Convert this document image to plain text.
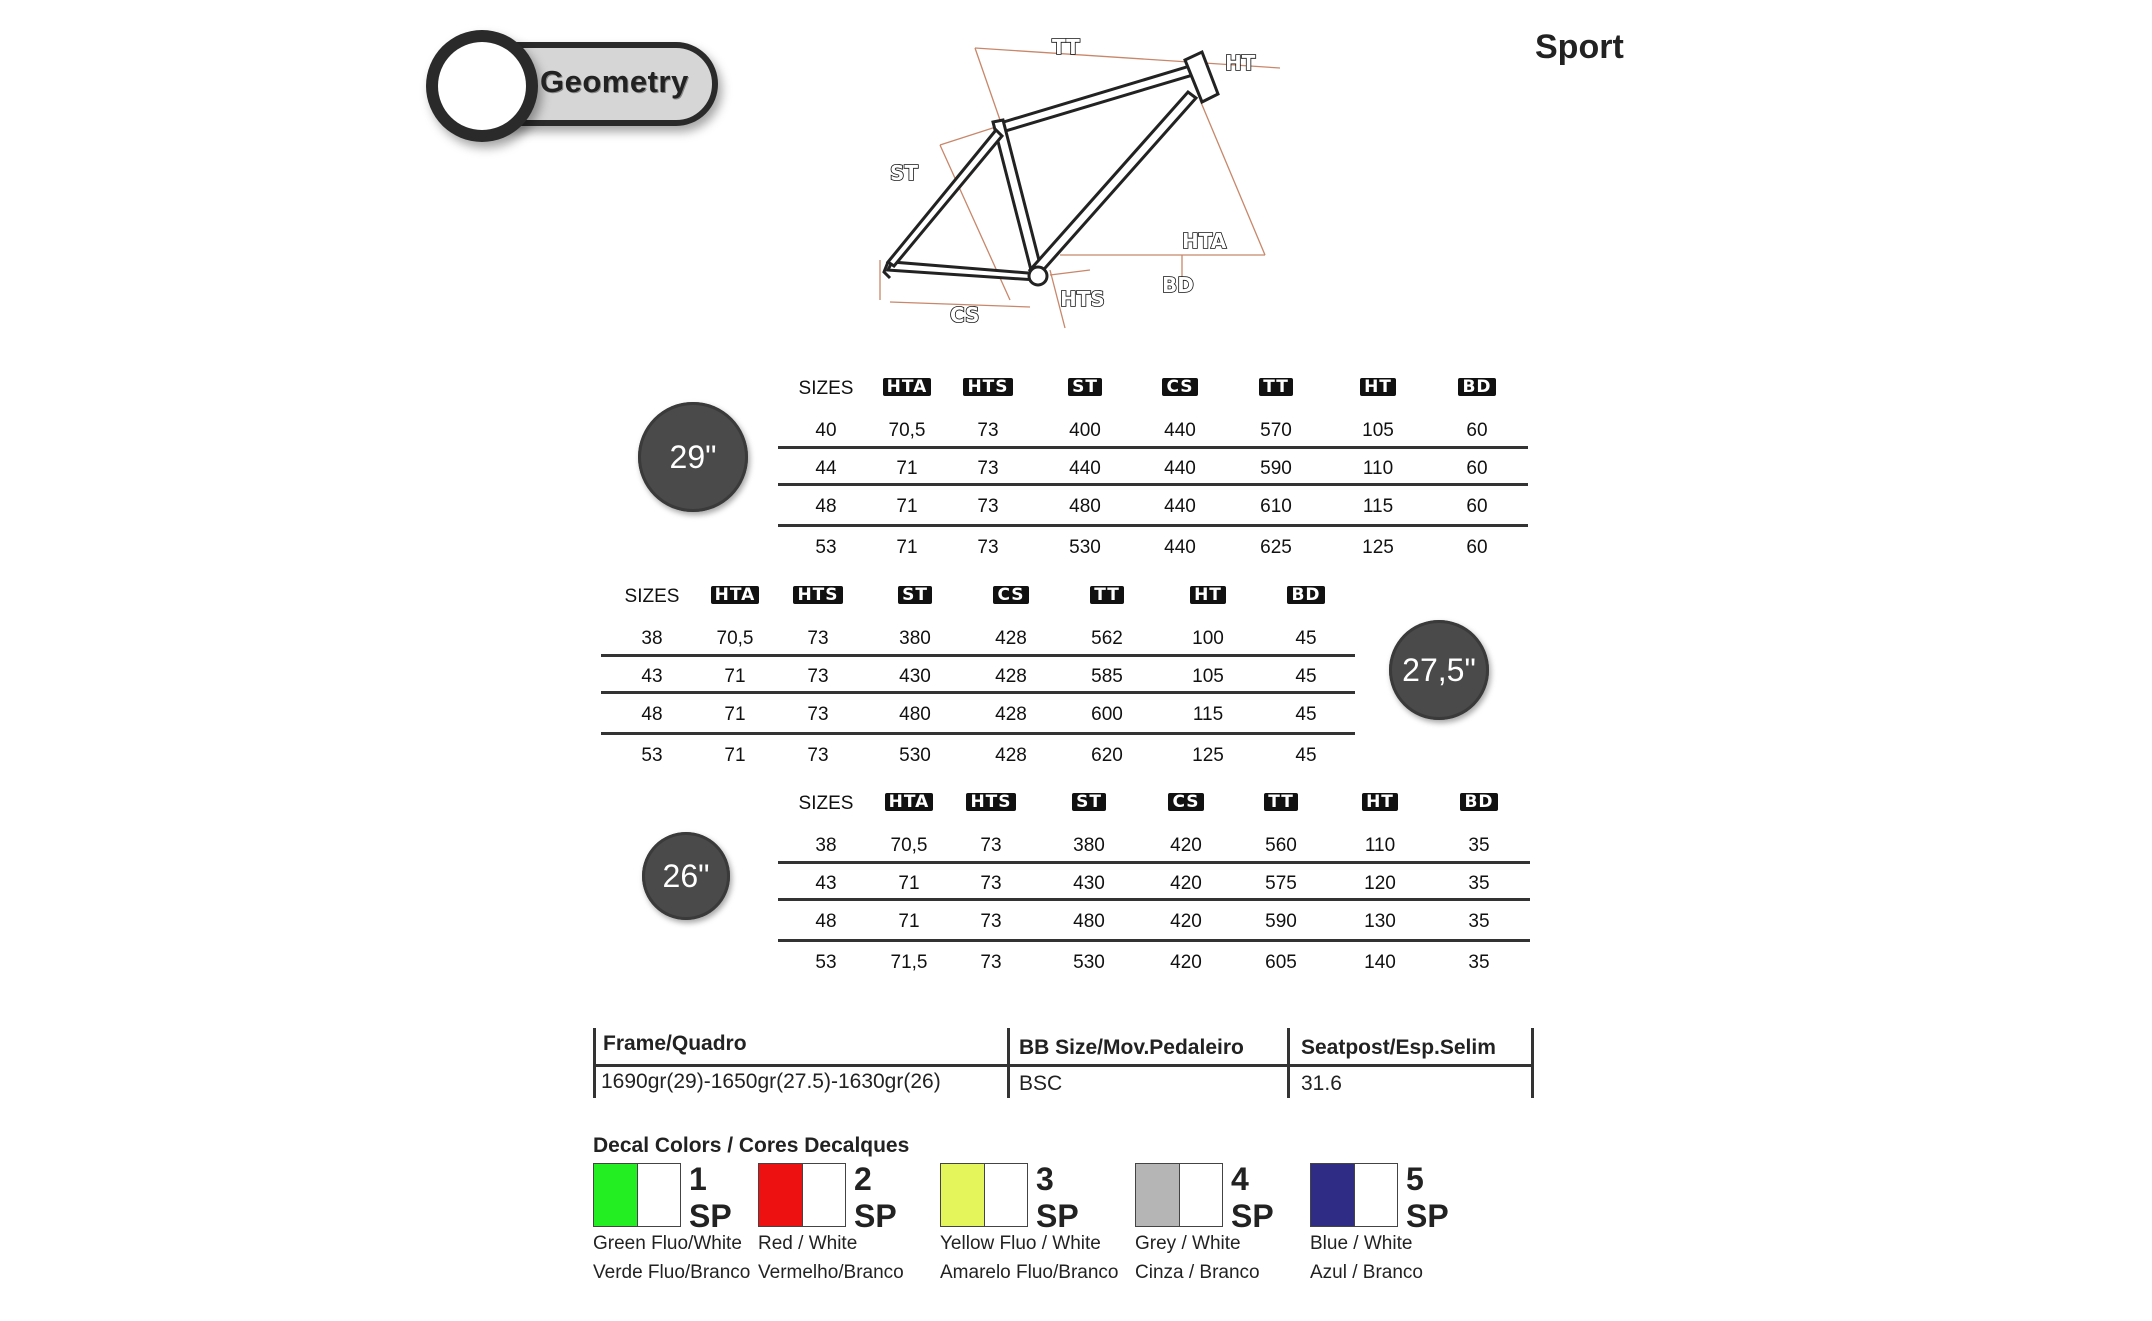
Geometry
Sport
TT
HT
ST
HTA
BD
HTS
CS
29"
27,5"
26"
SIZES	HTA	HTS	ST	CS	TT	HT	BD
40	70,5	73	400	440	570	105	60
44	71	73	440	440	590	110	60
48	71	73	480	440	610	115	60
53	71	73	530	440	625	125	60
SIZES	HTA	HTS	ST	CS	TT	HT	BD
38	70,5	73	380	428	562	100	45
43	71	73	430	428	585	105	45
48	71	73	480	428	600	115	45
53	71	73	530	428	620	125	45
SIZES	HTA	HTS	ST	CS	TT	HT	BD
38	70,5	73	380	420	560	110	35
43	71	73	430	420	575	120	35
48	71	73	480	420	590	130	35
53	71,5	73	530	420	605	140	35
Frame/Quadro	BB Size/Mov.Pedaleiro	Seatpost/Esp.Selim
1690gr(29)-1650gr(27.5)-1630gr(26)	BSC	31.6
Decal Colors / Cores Decalques
1
SP
Green Fluo/White
Verde Fluo/Branco
2
SP
Red / White
Vermelho/Branco
3
SP
Yellow Fluo / White
Amarelo Fluo/Branco
4
SP
Grey / White
Cinza / Branco
5
SP
Blue / White
Azul / Branco
